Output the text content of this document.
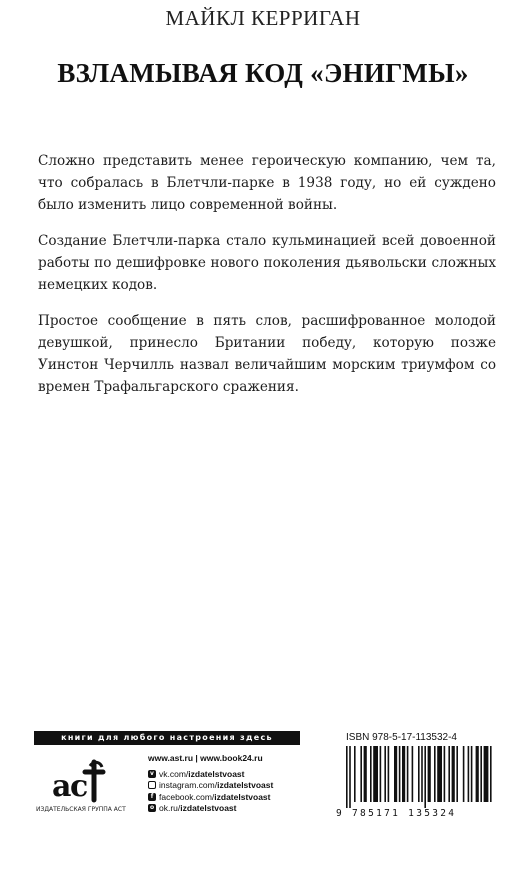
МАЙКЛ КЕРРИГАН
ВЗЛАМЫВАЯ КОД «ЭНИГМЫ»

Сложно представить менее героическую компанию, чем та, что собралась в Блетчли-парке в 1938 году, но ей суждено было изменить лицо современной войны.

Создание Блетчли-парка стало кульминацией всей довоенной работы по дешифровке нового поколения дьявольски сложных немецких кодов.

Простое сообщение в пять слов, расшифрованное молодой девушкой, принесло Британии победу, которую позже Уинстон Черчилль назвал величайшим морским триумфом со времен Трафальгарского сражения.

книги для любого настроения здесь
a
c
ИЗДАТЕЛЬСКАЯ ГРУППА АСТ
www.ast.ru | www.book24.ru
v vk.com/izdatelstvoast
instagram.com/izdatelstvoast
f facebook.com/izdatelstvoast
o ok.ru/izdatelstvoast
ISBN 978-5-17-113532-4
9 785171 135324
